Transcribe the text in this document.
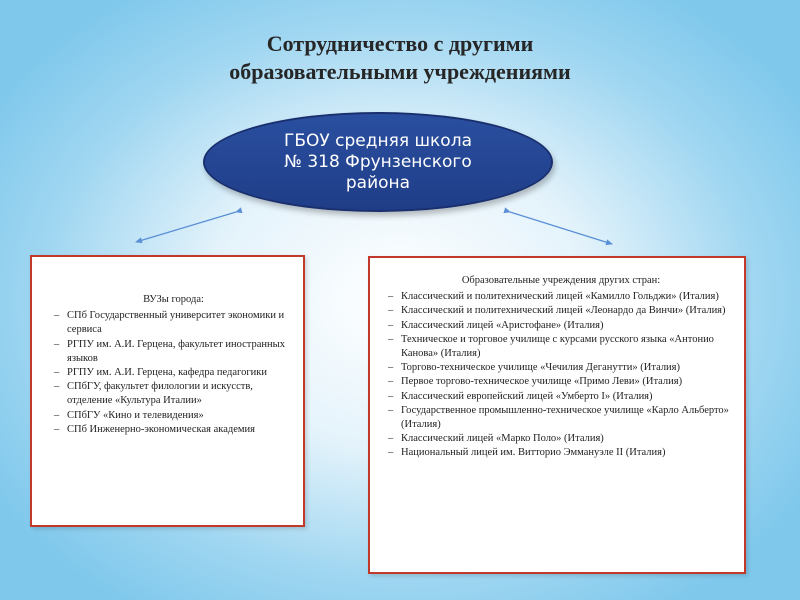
Сотрудничество с другими
образовательными учреждениями
ГБОУ средняя школа
№ 318 Фрунзенского
района
ВУЗы города:
– СПб Государственный университет экономики и сервиса
– РГПУ им. А.И. Герцена, факультет иностранных языков
– РГПУ им. А.И. Герцена, кафедра педагогики
– СПбГУ, факультет филологии и искусств, отделение «Культура Италии»
– СПбГУ «Кино и телевидения»
– СПб Инженерно-экономическая академия
Образовательные учреждения других стран:
– Классический и политехнический лицей «Камилло Гольджи» (Италия)
– Классический и политехнический лицей «Леонардо да Винчи» (Италия)
– Классический лицей «Аристофане» (Италия)
– Техническое и торговое училище с курсами русского языка «Антонио Канова» (Италия)
– Торгово-техническое училище «Чечилия Деганутти» (Италия)
– Первое торгово-техническое училище «Примо Леви» (Италия)
– Классический европейский лицей «Умберто I» (Италия)
– Государственное промышленно-техническое училище «Карло Альберто» (Италия)
– Классический лицей «Марко Поло» (Италия)
– Национальный лицей им. Витторио Эммануэле II (Италия)
